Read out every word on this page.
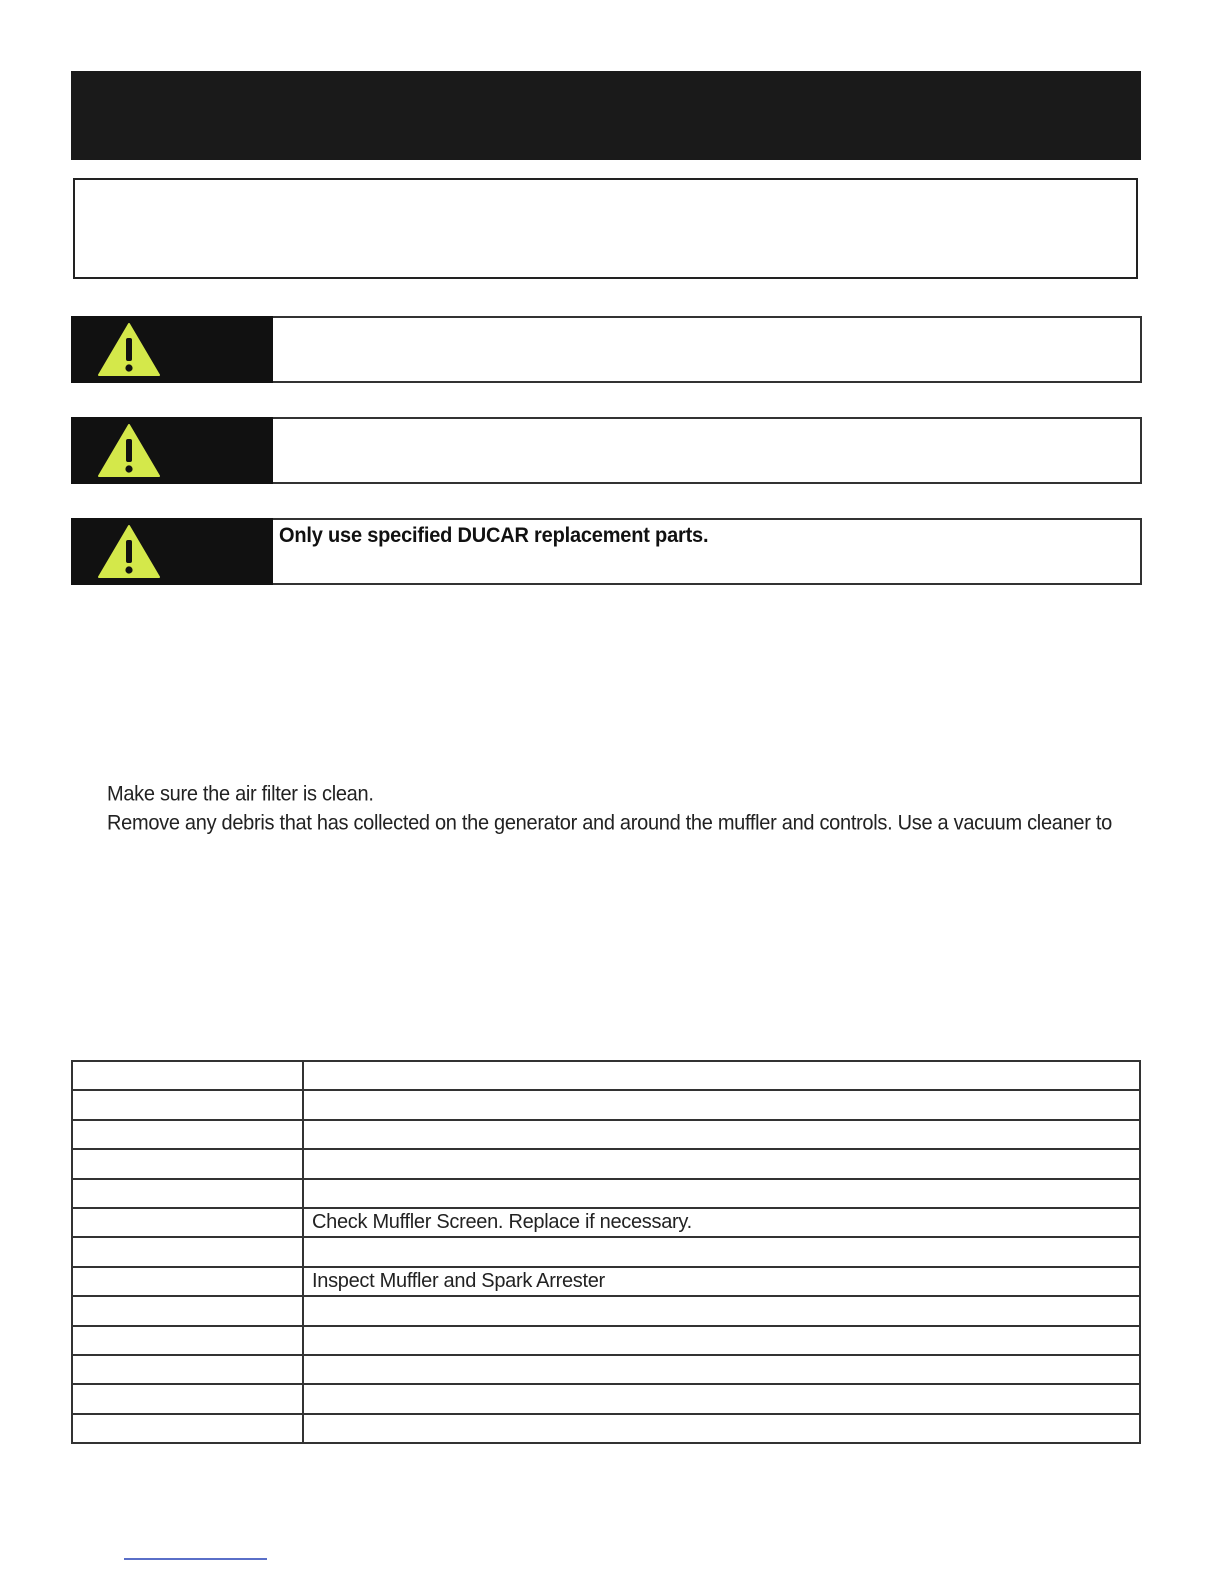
Only use specified DUCAR replacement parts.
Make sure the air filter is clean.
Remove any debris that has collected on the generator and around the muffler and controls. Use a vacuum cleaner to

	Check Muffler Screen. Replace if necessary.

	Inspect Muffler and Spark Arrester
